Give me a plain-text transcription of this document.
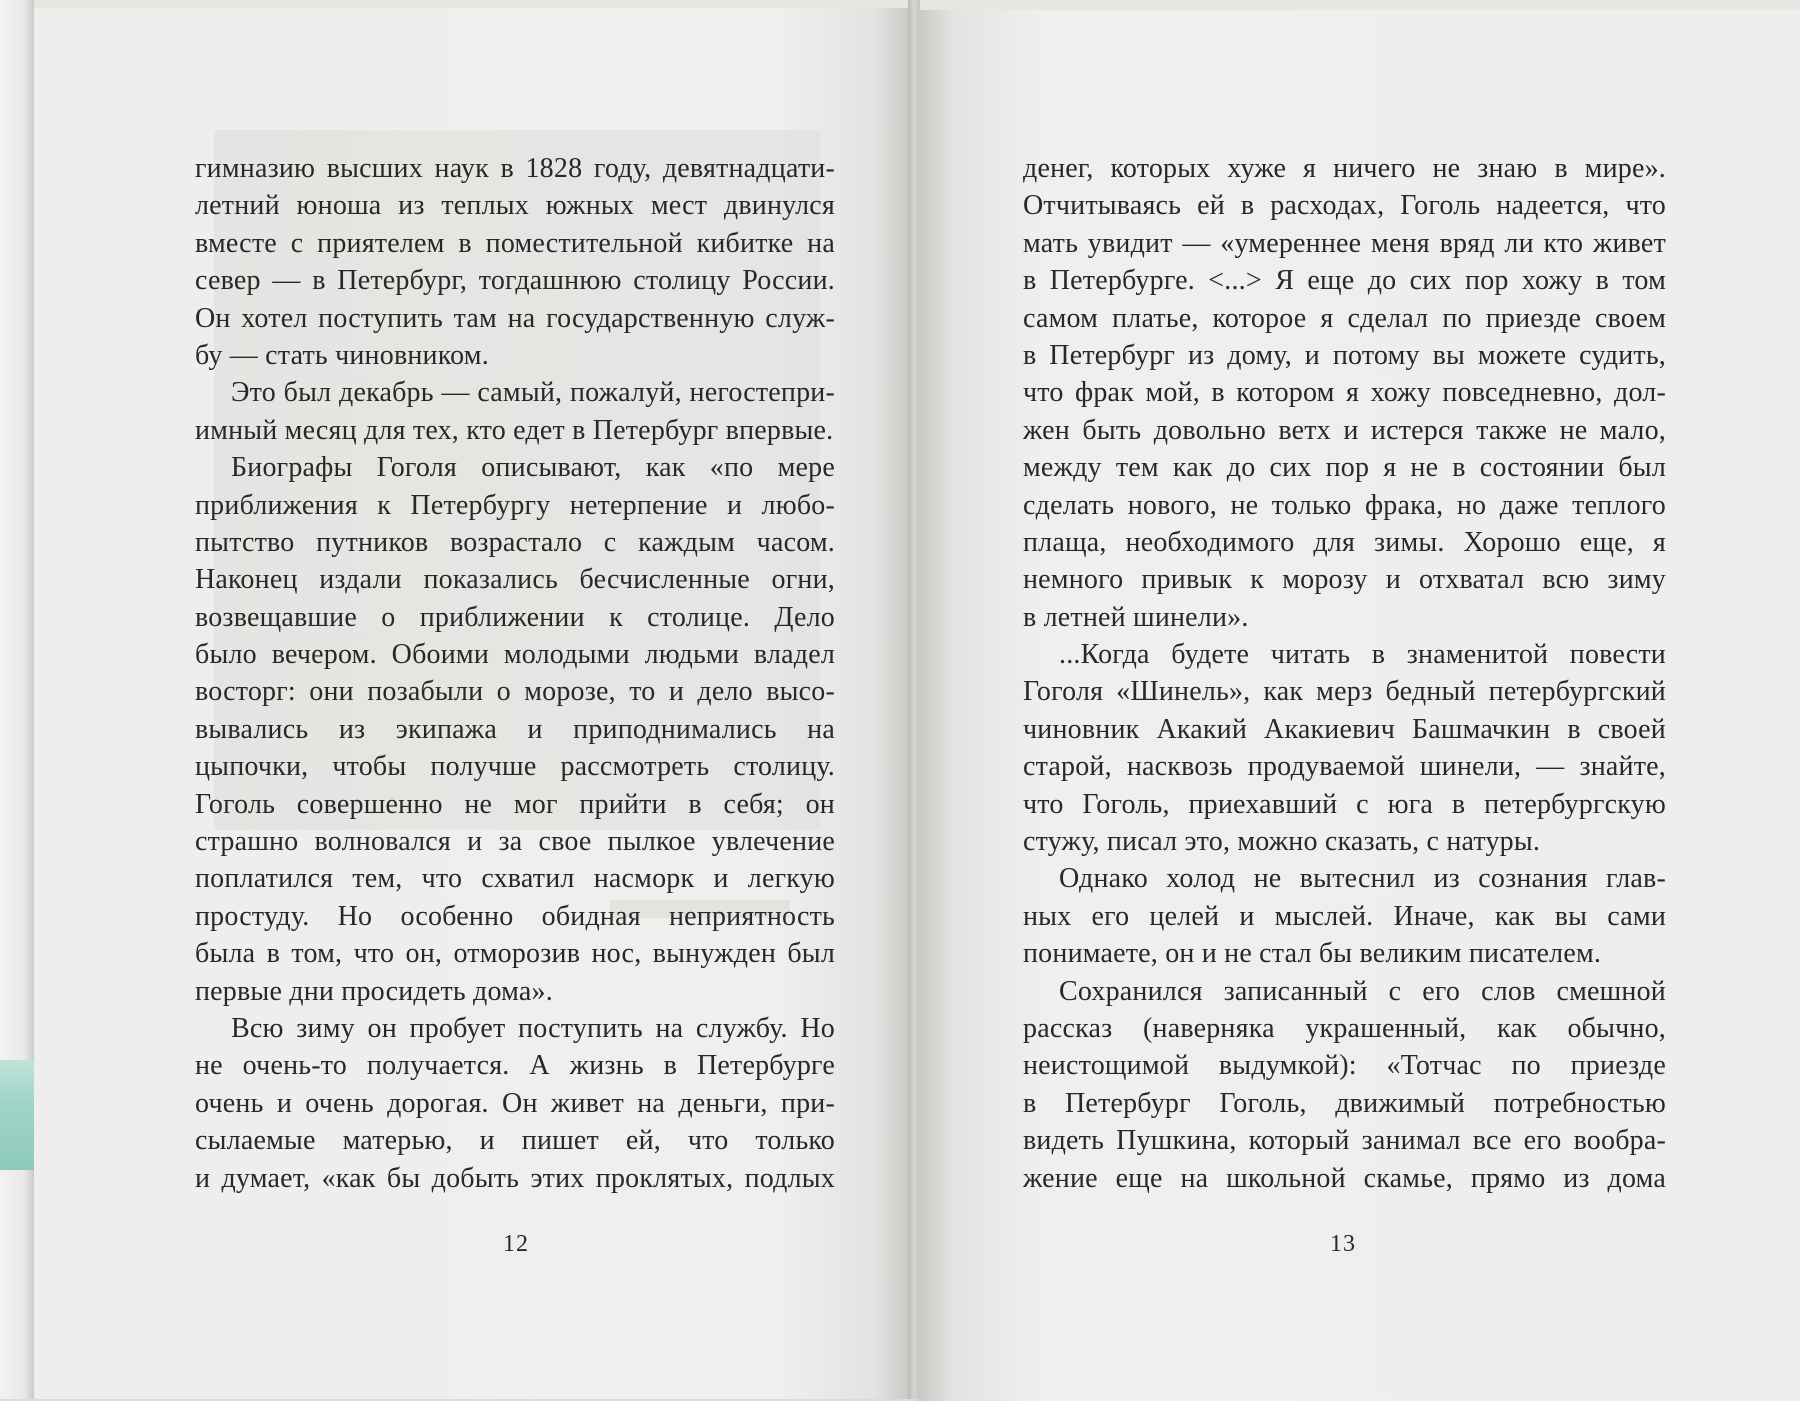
гимназию высших наук в 1828 году, девятнадцати-
летний юноша из теплых южных мест двинулся
вместе с приятелем в поместительной кибитке на
север — в Петербург, тогдашнюю столицу России.
Он хотел поступить там на государственную служ-
бу — стать чиновником.
Это был декабрь — самый, пожалуй, негостепри-
имный месяц для тех, кто едет в Петербург впервые.
Биографы Гоголя описывают, как «по мере
приближения к Петербургу нетерпение и любо-
пытство путников возрастало с каждым часом.
Наконец издали показались бесчисленные огни,
возвещавшие о приближении к столице. Дело
было вечером. Обоими молодыми людьми владел
восторг: они позабыли о морозе, то и дело высо-
вывались из экипажа и приподнимались на
цыпочки, чтобы получше рассмотреть столицу.
Гоголь совершенно не мог прийти в себя; он
страшно волновался и за свое пылкое увлечение
поплатился тем, что схватил насморк и легкую
простуду. Но особенно обидная неприятность
была в том, что он, отморозив нос, вынужден был
первые дни просидеть дома».
Всю зиму он пробует поступить на службу. Но
не очень-то получается. А жизнь в Петербурге
очень и очень дорогая. Он живет на деньги, при-
сылаемые матерью, и пишет ей, что только
и думает, «как бы добыть этих проклятых, подлых
денег, которых хуже я ничего не знаю в мире».
Отчитываясь ей в расходах, Гоголь надеется, что
мать увидит — «умереннее меня вряд ли кто живет
в Петербурге. <...> Я еще до сих пор хожу в том
самом платье, которое я сделал по приезде своем
в Петербург из дому, и потому вы можете судить,
что фрак мой, в котором я хожу повседневно, дол-
жен быть довольно ветх и истерся также не мало,
между тем как до сих пор я не в состоянии был
сделать нового, не только фрака, но даже теплого
плаща, необходимого для зимы. Хорошо еще, я
немного привык к морозу и отхватал всю зиму
в летней шинели».
...Когда будете читать в знаменитой повести
Гоголя «Шинель», как мерз бедный петербургский
чиновник Акакий Акакиевич Башмачкин в своей
старой, насквозь продуваемой шинели, — знайте,
что Гоголь, приехавший с юга в петербургскую
стужу, писал это, можно сказать, с натуры.
Однако холод не вытеснил из сознания глав-
ных его целей и мыслей. Иначе, как вы сами
понимаете, он и не стал бы великим писателем.
Сохранился записанный с его слов смешной
рассказ (наверняка украшенный, как обычно,
неистощимой выдумкой): «Тотчас по приезде
в Петербург Гоголь, движимый потребностью
видеть Пушкина, который занимал все его вообра-
жение еще на школьной скамье, прямо из дома
12	13
